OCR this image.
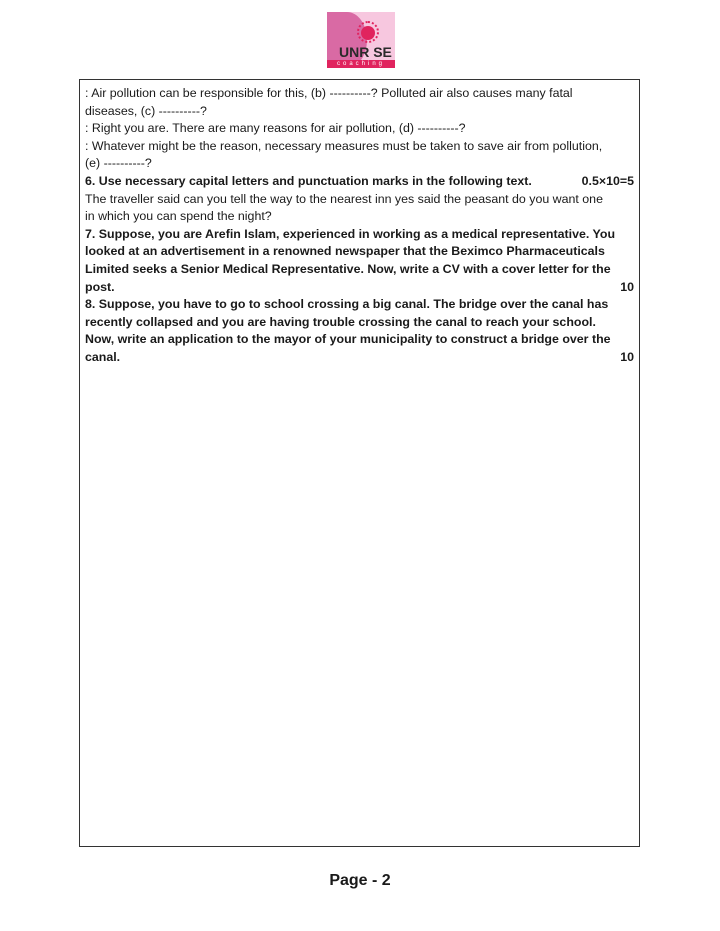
UNR SE
coaching
: Air pollution can be responsible for this, (b) ----------? Polluted air also causes many fatal
diseases, (c) ----------?
: Right you are. There are many reasons for air pollution, (d) ----------?
: Whatever might be the reason, necessary measures must be taken to save air from pollution,
(e) ----------?
6. Use necessary capital letters and punctuation marks in the following text.	0.5×10=5
The traveller said can you tell the way to the nearest inn yes said the peasant do you want one
in which you can spend the night?
7. Suppose, you are Arefin Islam, experienced in working as a medical representative. You
looked at an advertisement in a renowned newspaper that the Beximco Pharmaceuticals
Limited seeks a Senior Medical Representative. Now, write a CV with a cover letter for the
post.	10
8. Suppose, you have to go to school crossing a big canal. The bridge over the canal has
recently collapsed and you are having trouble crossing the canal to reach your school.
Now, write an application to the mayor of your municipality to construct a bridge over the
canal.	10
Page - 2
